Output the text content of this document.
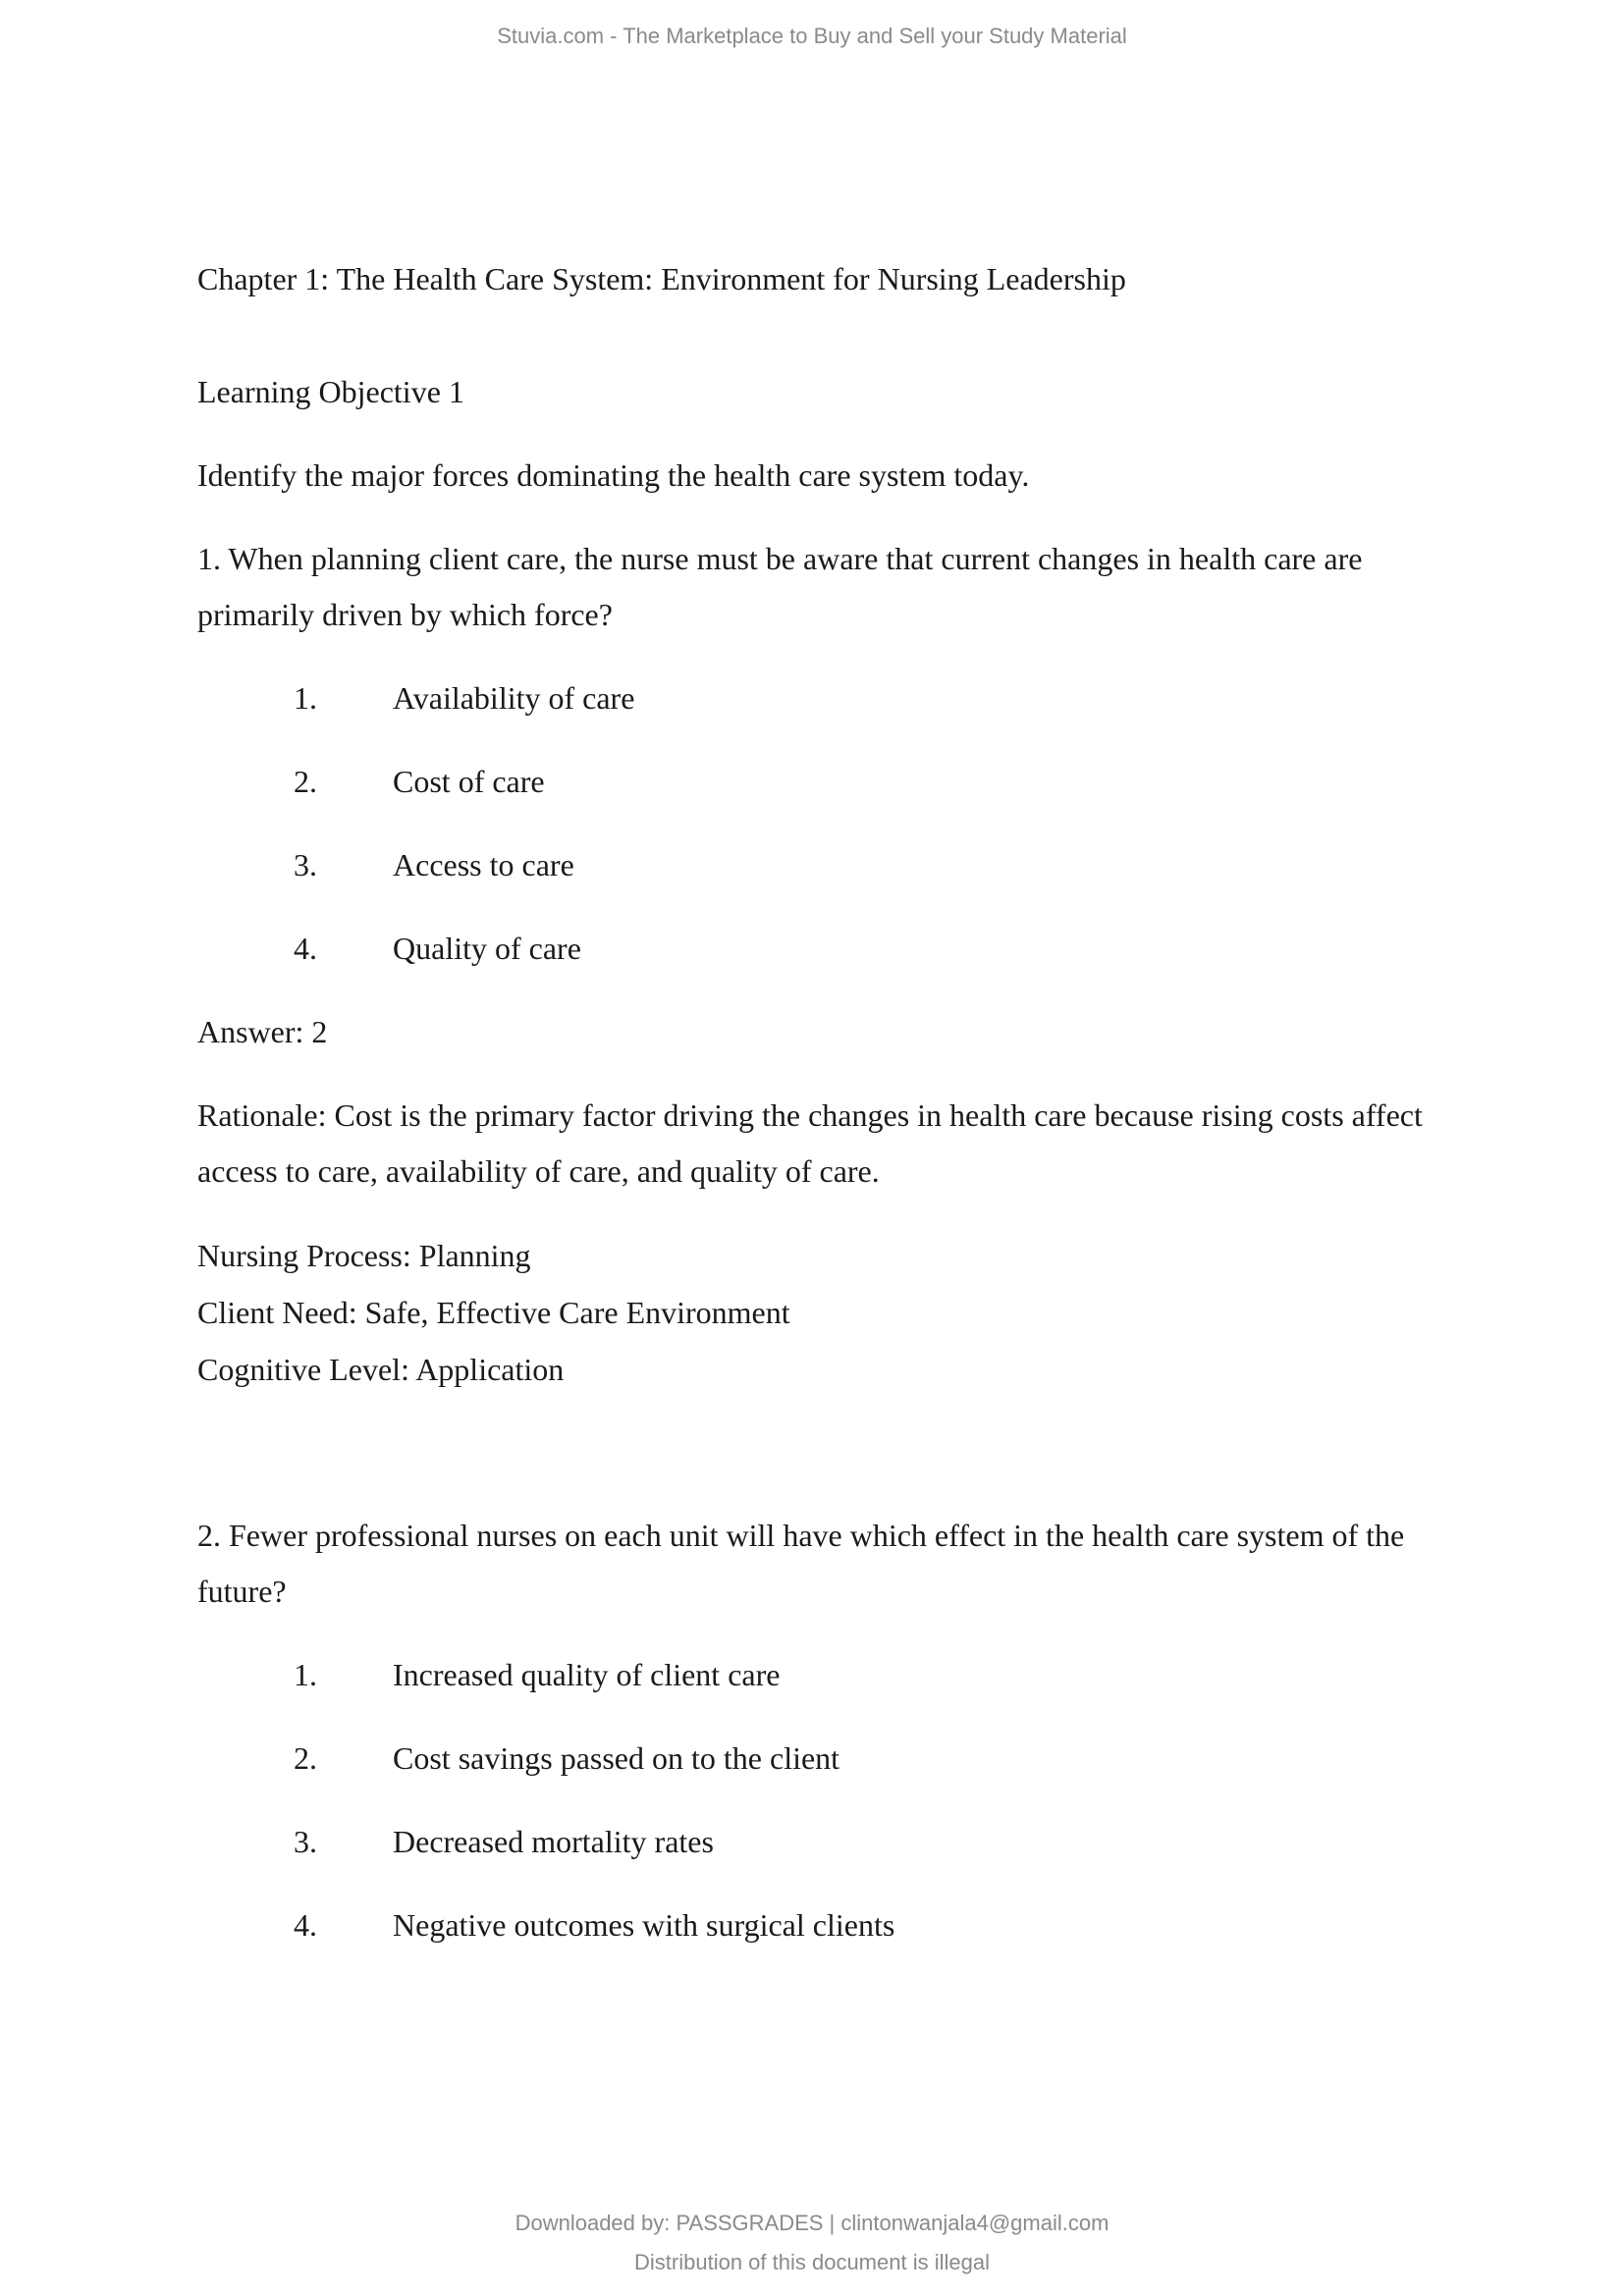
Stuvia.com - The Marketplace to Buy and Sell your Study Material

Chapter 1: The Health Care System: Environment for Nursing Leadership

Learning Objective 1

Identify the major forces dominating the health care system today.

1. When planning client care, the nurse must be aware that current changes in health care are primarily driven by which force?

1.	Availability of care
2.	Cost of care
3.	Access to care
4.	Quality of care

Answer: 2

Rationale: Cost is the primary factor driving the changes in health care because rising costs affect access to care, availability of care, and quality of care.

Nursing Process: Planning

Client Need: Safe, Effective Care Environment

Cognitive Level: Application

2. Fewer professional nurses on each unit will have which effect in the health care system of the future?

1.	Increased quality of client care
2.	Cost savings passed on to the client
3.	Decreased mortality rates
4.	Negative outcomes with surgical clients
Downloaded by: PASSGRADES | clintonwanjala4@gmail.com
Distribution of this document is illegal
